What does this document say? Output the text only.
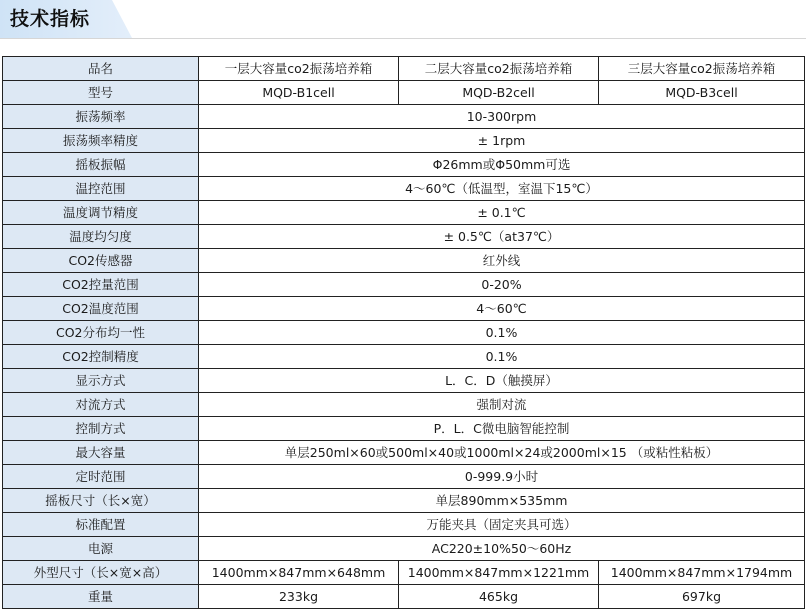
技术指标
品名	一层大容量co2振荡培养箱	二层大容量co2振荡培养箱	三层大容量co2振荡培养箱
型号	MQD-B1cell	MQD-B2cell	MQD-B3cell
振荡频率	10-300rpm		
振荡频率精度	± 1rpm		
摇板振幅	Φ26mm或Φ50mm可选		
温控范围	4～60℃（低温型，室温下15℃）		
温度调节精度	± 0.1℃		
温度均匀度	± 0.5℃（at37℃）		
CO2传感器	红外线		
CO2控量范围	0-20%		
CO2温度范围	4～60℃		
CO2分布均一性	0.1%		
CO2控制精度	0.1%		
显示方式	L．C．D（触摸屏）		
对流方式	强制对流		
控制方式	P．L．C微电脑智能控制		
最大容量	单层250ml×60或500ml×40或1000ml×24或2000ml×15 （或粘性粘板）		
定时范围	0-999.9小时		
摇板尺寸（长×宽）	单层890mm×535mm		
标准配置	万能夹具（固定夹具可选）		
电源	AC220±10%50～60Hz		
外型尺寸（长×宽×高）	1400mm×847mm×648mm	1400mm×847mm×1221mm	1400mm×847mm×1794mm
重量	233kg	465kg	697kg
